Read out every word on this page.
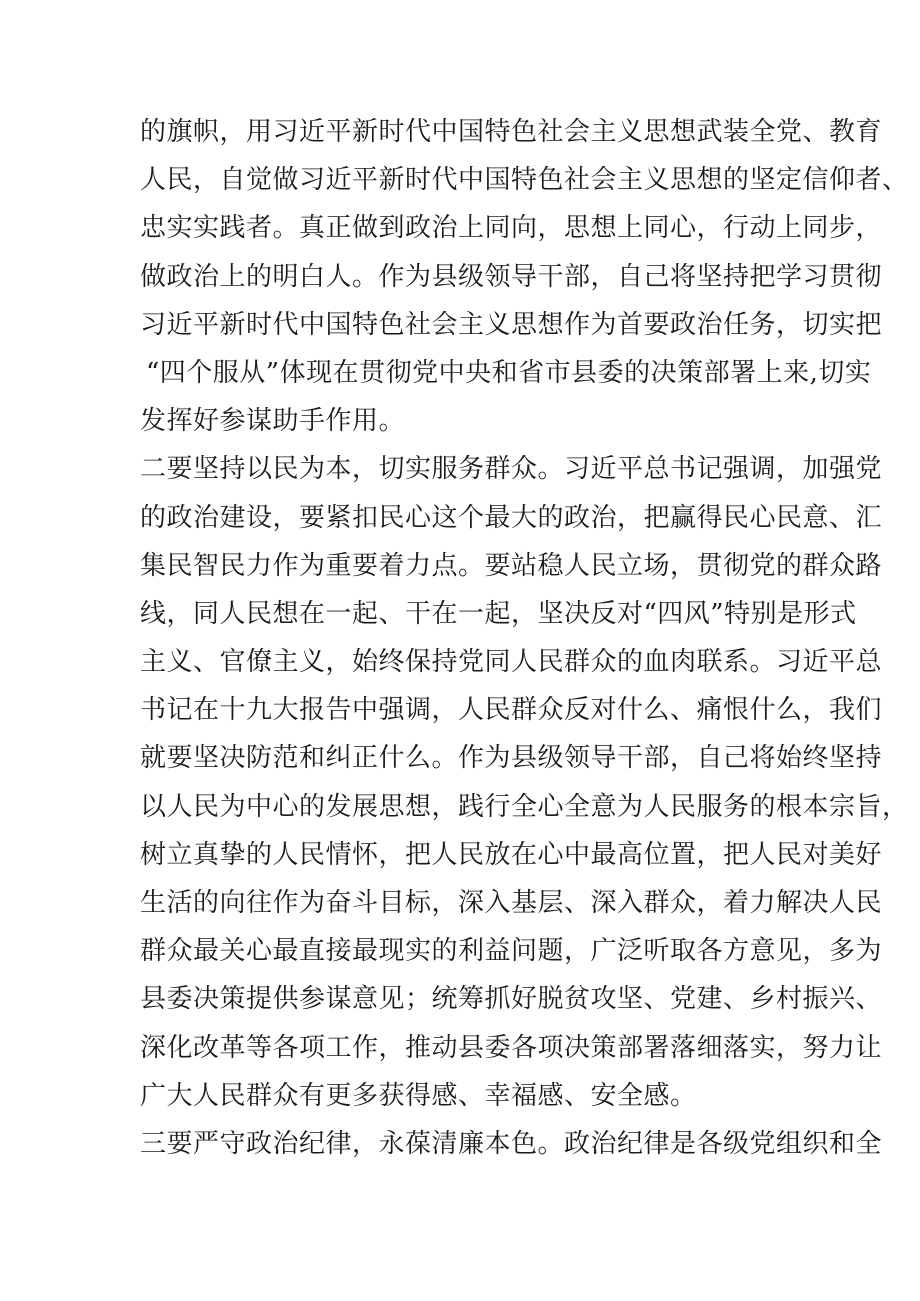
的旗帜，用习近平新时代中国特色社会主义思想武装全党、教育
人民，自觉做习近平新时代中国特色社会主义思想的坚定信仰者、
忠实实践者。真正做到政治上同向，思想上同心，行动上同步，
做政治上的明白人。作为县级领导干部，自己将坚持把学习贯彻
习近平新时代中国特色社会主义思想作为首要政治任务，切实把
“四个服从”体现在贯彻党中央和省市县委的决策部署上来,切实
发挥好参谋助手作用。
二要坚持以民为本，切实服务群众。习近平总书记强调，加强党
的政治建设，要紧扣民心这个最大的政治，把赢得民心民意、汇
集民智民力作为重要着力点。要站稳人民立场，贯彻党的群众路
线，同人民想在一起、干在一起，坚决反对“四风”特别是形式
主义、官僚主义，始终保持党同人民群众的血肉联系。习近平总
书记在十九大报告中强调，人民群众反对什么、痛恨什么，我们
就要坚决防范和纠正什么。作为县级领导干部，自己将始终坚持
以人民为中心的发展思想，践行全心全意为人民服务的根本宗旨，
树立真挚的人民情怀，把人民放在心中最高位置，把人民对美好
生活的向往作为奋斗目标，深入基层、深入群众，着力解决人民
群众最关心最直接最现实的利益问题，广泛听取各方意见，多为
县委决策提供参谋意见；统筹抓好脱贫攻坚、党建、乡村振兴、
深化改革等各项工作，推动县委各项决策部署落细落实，努力让
广大人民群众有更多获得感、幸福感、安全感。
三要严守政治纪律，永葆清廉本色。政治纪律是各级党组织和全
